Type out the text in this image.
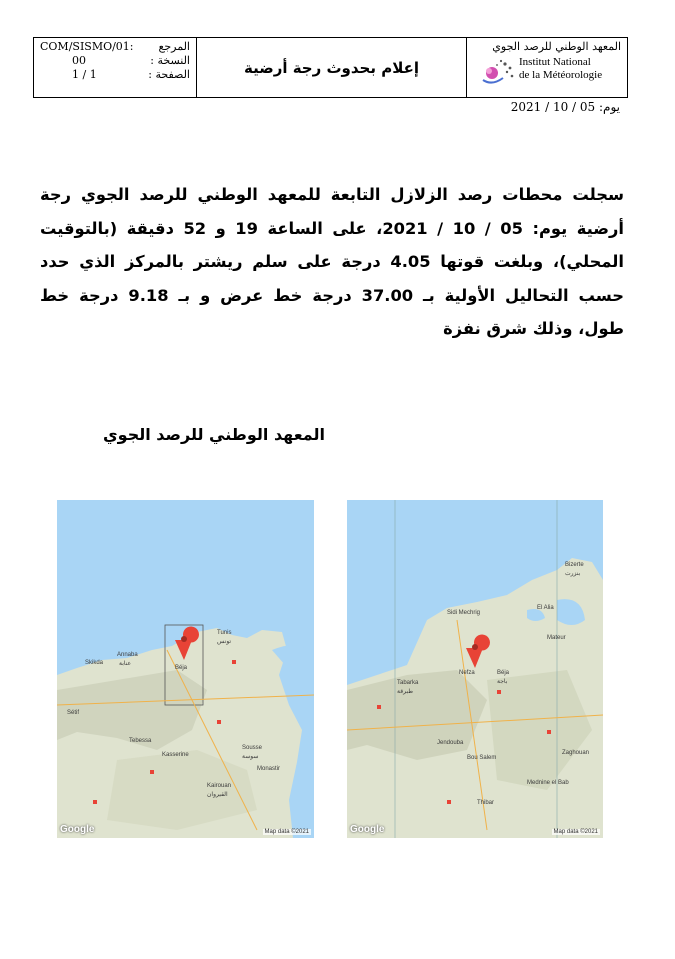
COM/SISMO/01: المرجع
00	النسخة :
1 / 1	الصفحة :	إعلام بحدوث رجة أرضية
المعهد الوطني للرصد الجوي
Institut National
de la Météorologie
يوم: 05 / 10 / 2021
سجلت محطات رصد الزلازل التابعة للمعهد الوطني للرصد الجوي رجة أرضية يوم: 05 / 10 / 2021، على الساعة 19 و 52 دقيقة (بالتوقيت المحلي)، وبلغت قوتها 4.05 درجة على سلم ريشتر بالمركز الذي حدد حسب التحاليل الأولية بـ 37.00 درجة خط عرض و بـ 9.18 درجة خط طول، وذلك شرق نفزة
المعهد الوطني للرصد الجوي
Skikda
Annaba
عنابة
Béja
Tunis
تونس
Sétif
Kasserine
Sousse
سوسة
Kairouan
القيروان
Tebessa
Monastir
Google	Map data ©2021
Bizerte
بنزرت
Sidi Mechrig
Mateur
Tabarka
طبرقة
Nefza	Béja
باجة
Jendouba
Bou Salem
Thibar
Mednine el Bab
Zaghouan
El Alia
Google	Map data ©2021
